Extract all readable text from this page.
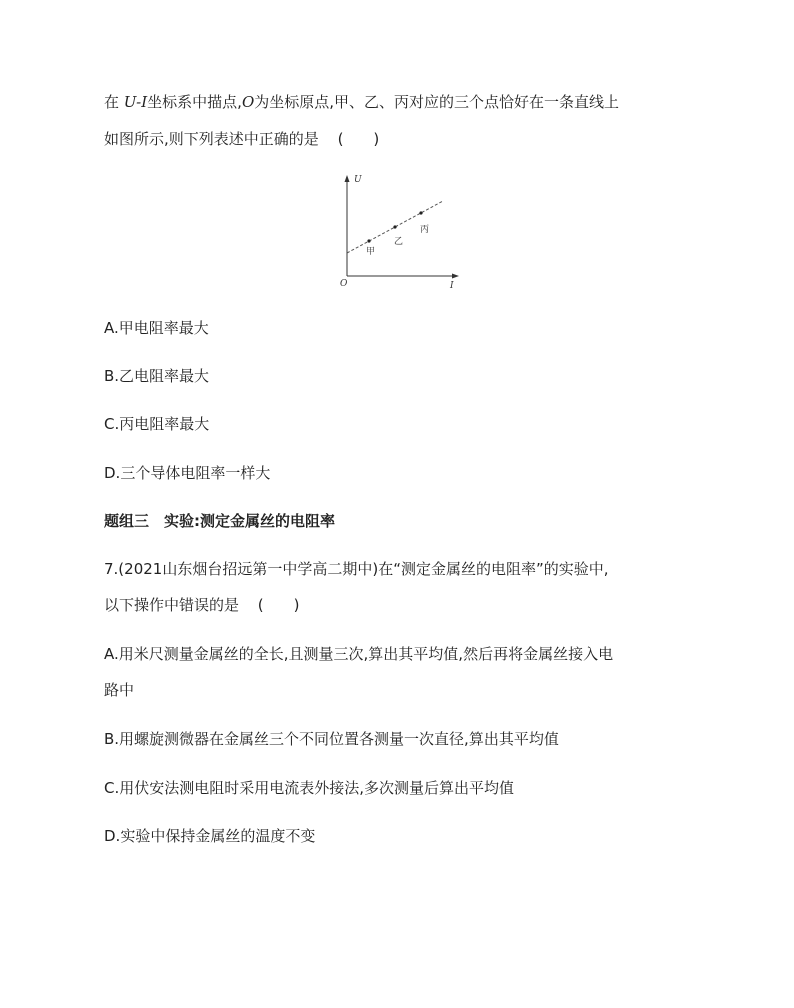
在 U-I坐标系中描点,O为坐标原点,甲、乙、丙对应的三个点恰好在一条直线上
如图所示,则下列表述中正确的是 (　　)
U
I
O
甲
乙
丙
A.甲电阻率最大
B.乙电阻率最大
C.丙电阻率最大
D.三个导体电阻率一样大
题组三　实验:测定金属丝的电阻率
7.(2021山东烟台招远第一中学高二期中)在“测定金属丝的电阻率”的实验中,
以下操作中错误的是 (　　)
A.用米尺测量金属丝的全长,且测量三次,算出其平均值,然后再将金属丝接入电
路中
B.用螺旋测微器在金属丝三个不同位置各测量一次直径,算出其平均值
C.用伏安法测电阻时采用电流表外接法,多次测量后算出平均值
D.实验中保持金属丝的温度不变
